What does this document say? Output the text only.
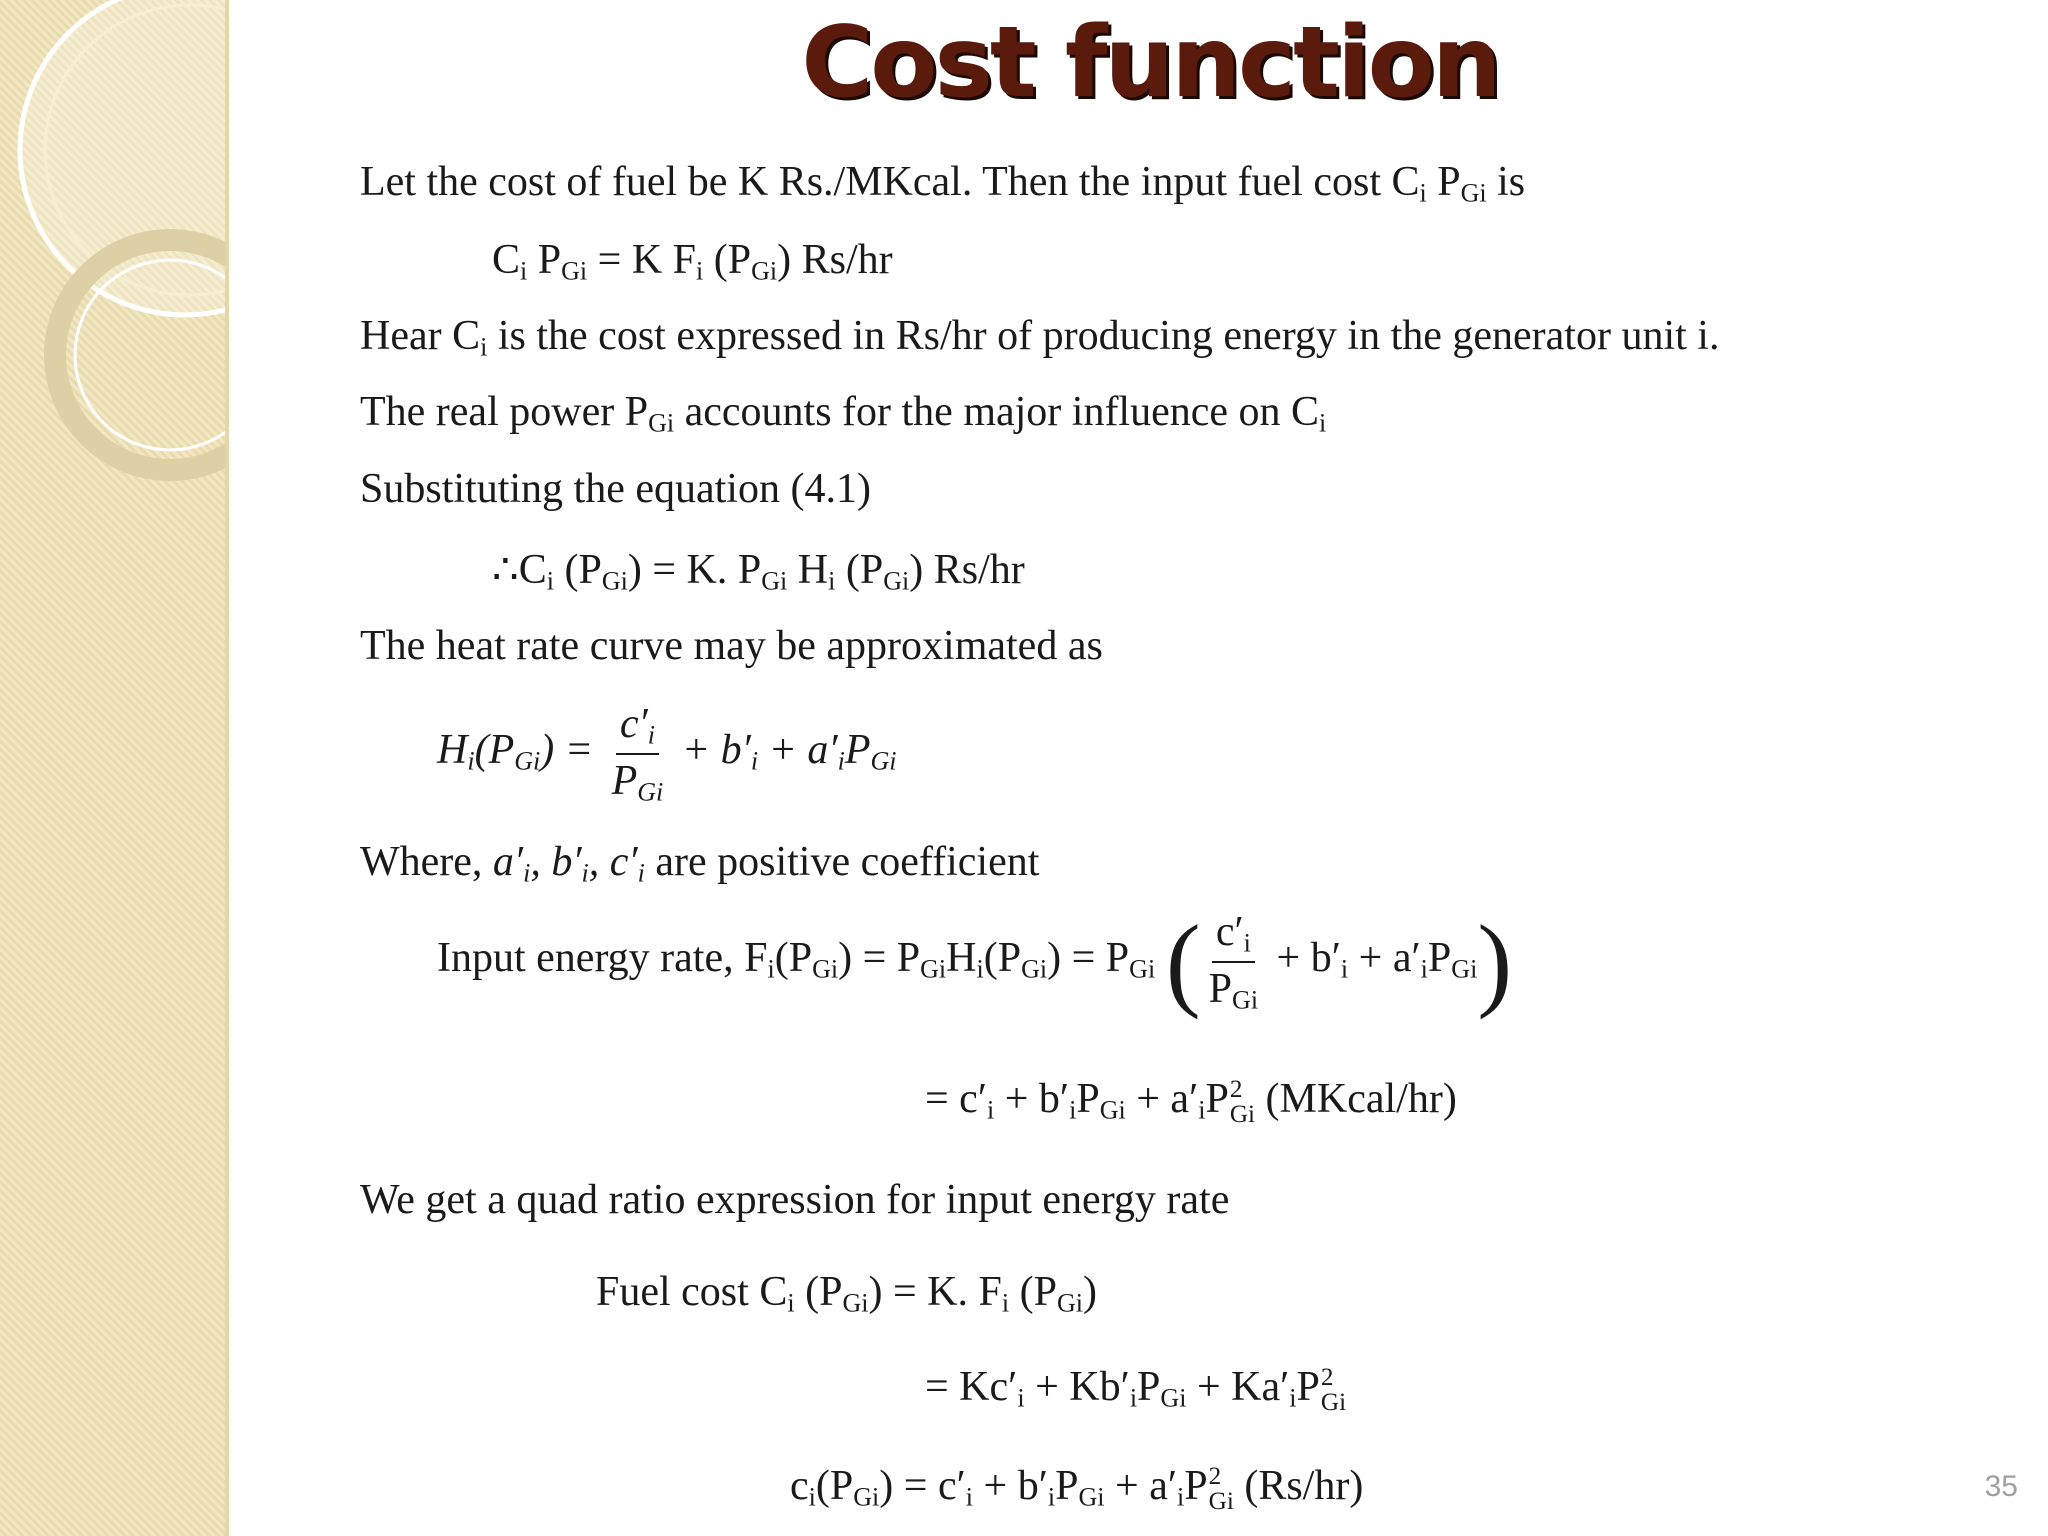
Cost function
Let the cost of fuel be K Rs./MKcal. Then the input fuel cost $C_i$ $P_{Gi}$ is
$C_i$ $P_{Gi} = K$ $F_i$ $(P_{Gi})$ Rs/hr
Hear $C_i$ is the cost expressed in Rs/hr of producing energy in the generator unit i.
The real power $P_{Gi}$ accounts for the major influence on $C_i$
Substituting the equation (4.1)
$\therefore C_i$ $(P_{Gi}) = K$. $P_{Gi}$ $H_i$ $(P_{Gi})$ Rs/hr
The heat rate curve may be approximated as
$H_i(P_{Gi}) = \frac{c'_i}{P_{Gi}} + b'_i + a'_iP_{Gi}$
Where, $a'_i$, $b'_i$, $c'_i$ are positive coefficient
Input energy rate, $F_i(P_{Gi}) = P_{Gi}H_i(P_{Gi}) = P_{Gi}$ ( $\frac{c'_i}{P_{Gi}} + b'_i + a'_iP_{Gi}$)
= $c'_i + b'_iP_{Gi} + a'_iP$ 2
Gi (MKcal/hr)
We get a quad ratio expression for input energy rate
Fuel cost $C_i$ $(P_{Gi}) = K$. $F_i$ $(P_{Gi})$
= $Kc'_i + Kb'_iP_{Gi} + Ka'_iP$ 2
Gi
$c_i(P_{Gi}) = c'_i + b'_iP_{Gi} + a'_iP$ 2
Gi (Rs/hr)	35
